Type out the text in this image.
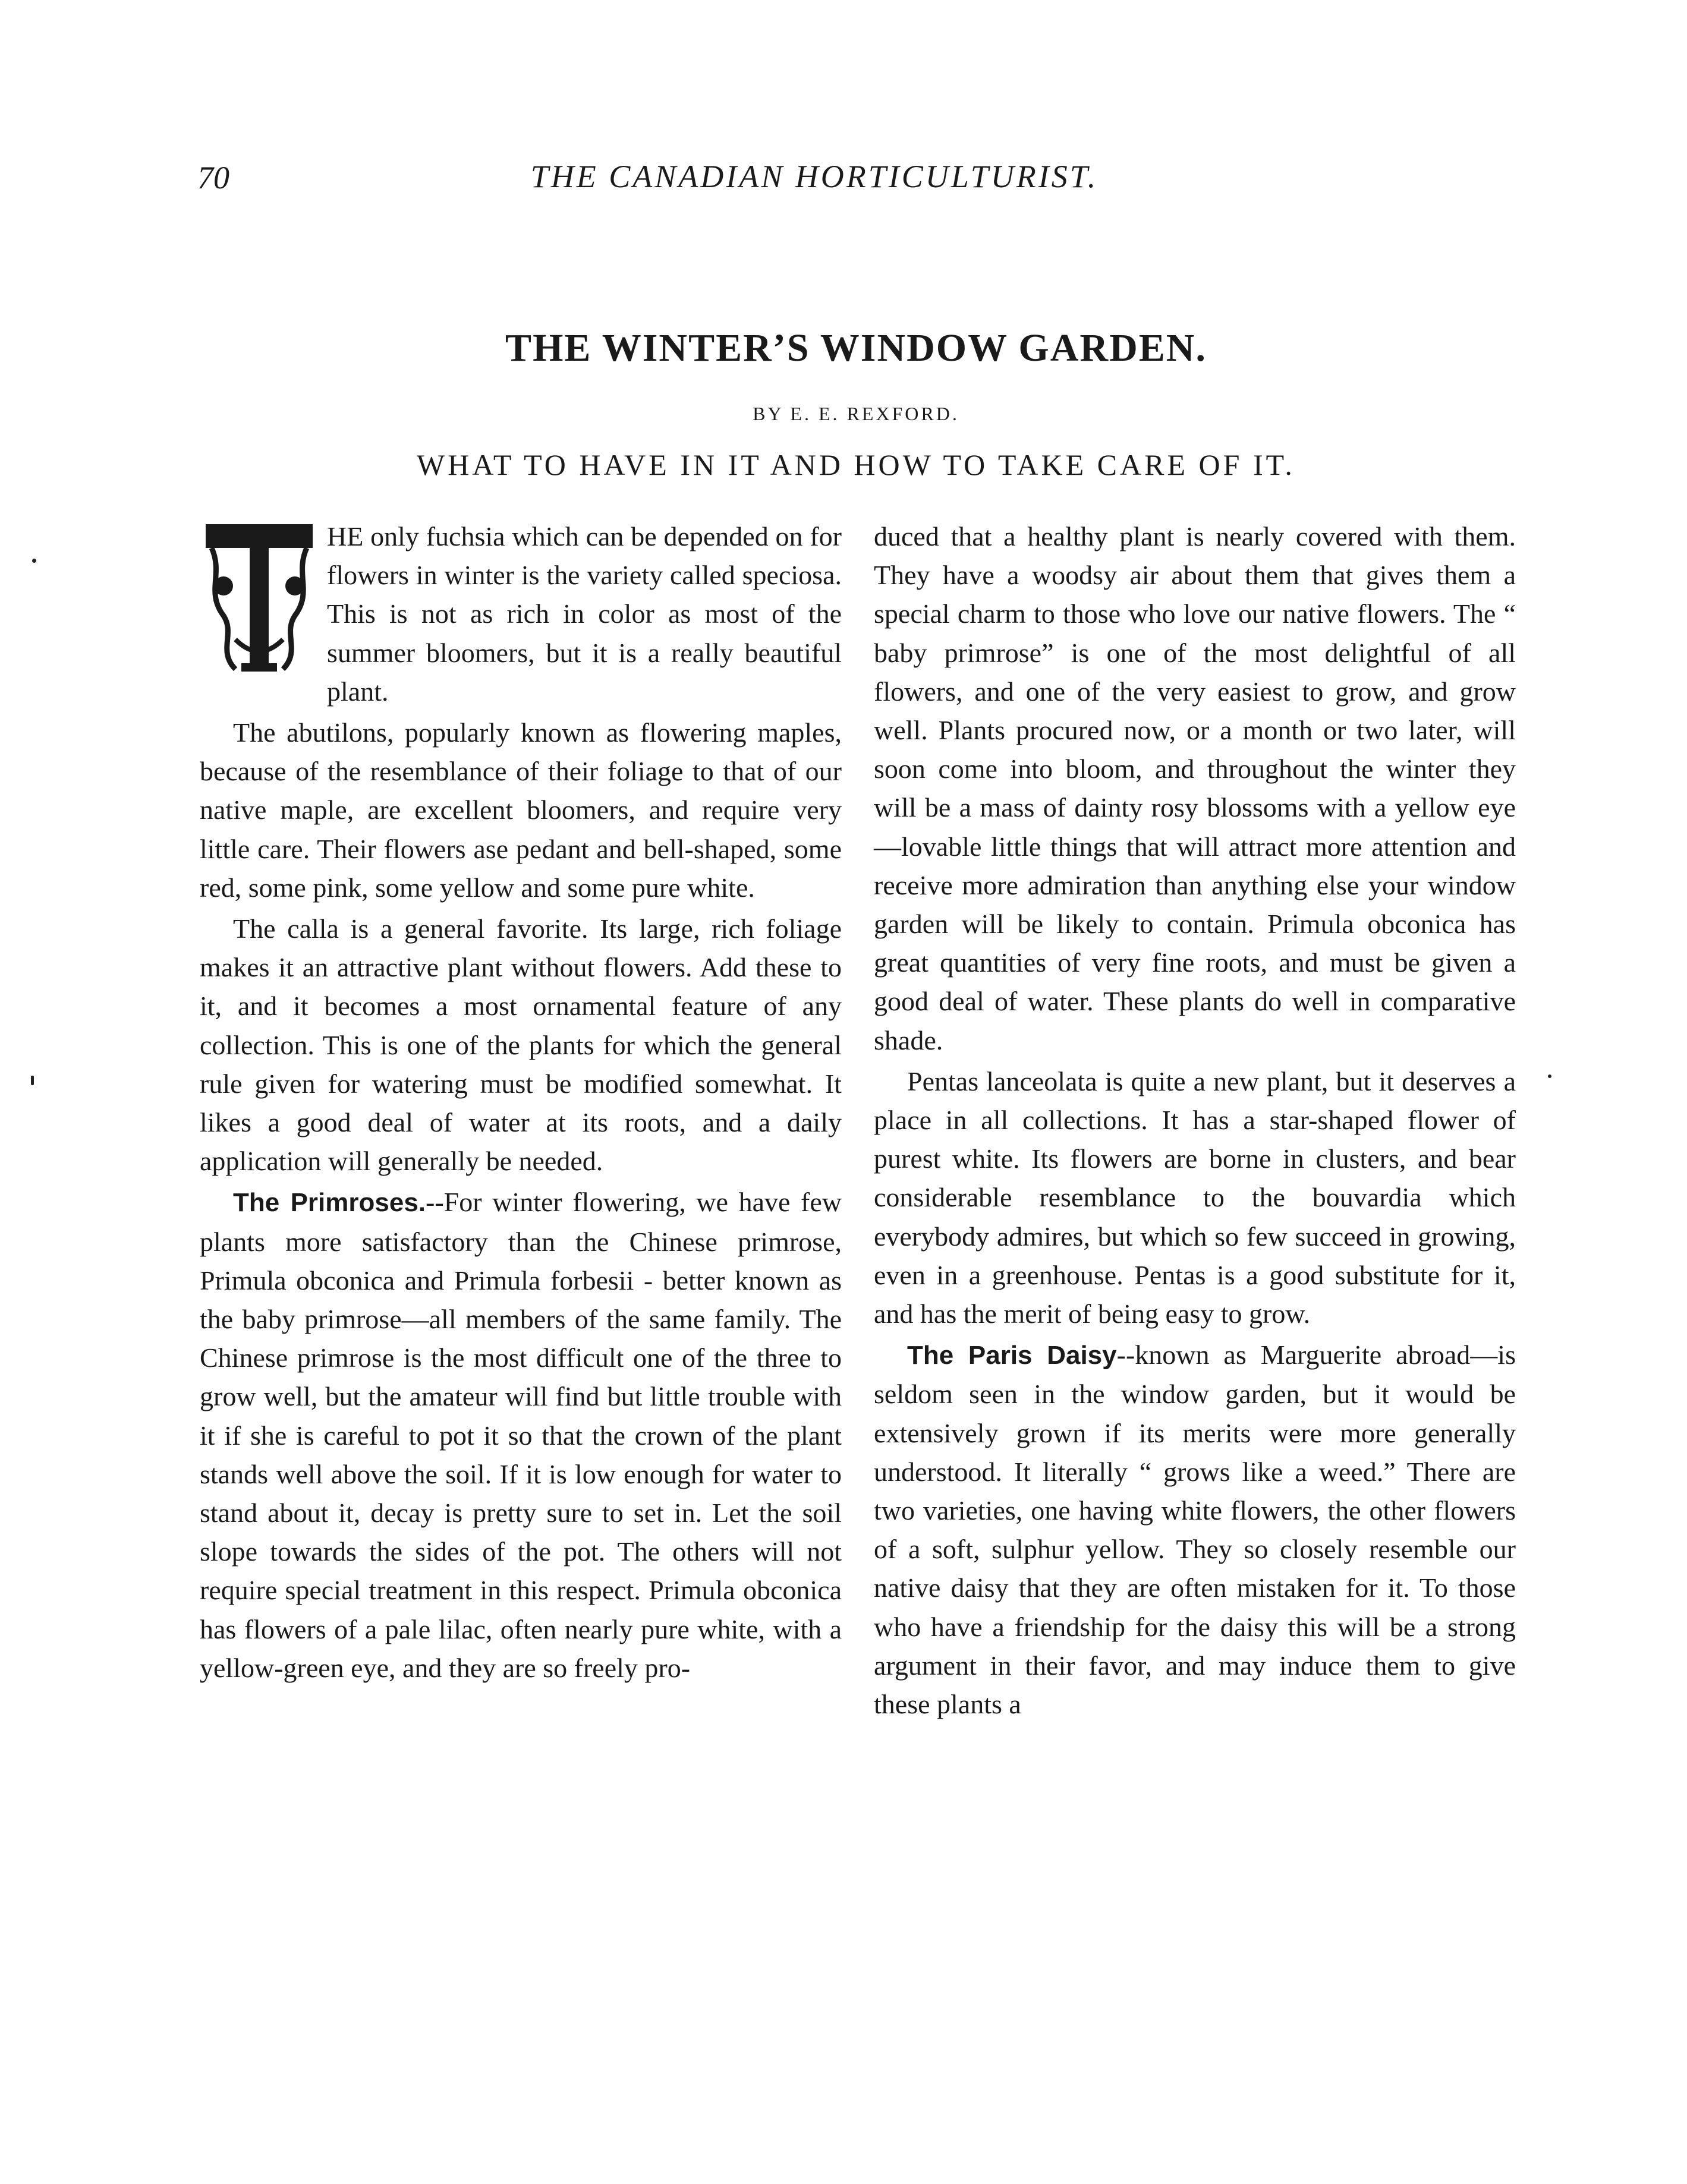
70	THE CANADIAN HORTICULTURIST.
THE WINTER’S WINDOW GARDEN.
BY E. E. REXFORD.
WHAT TO HAVE IN IT AND HOW TO TAKE CARE OF IT.

HE only fuchsia which can be depended on for flowers in winter is the variety called speciosa. This is not as rich in color as most of the summer bloomers, but it is a really beautiful plant.

The abutilons, popularly known as flowering maples, because of the resemblance of their foliage to that of our native maple, are excellent bloomers, and require very little care. Their flowers ase pedant and bell-shaped, some red, some pink, some yellow and some pure white.

The calla is a general favorite. Its large, rich foliage makes it an attractive plant without flowers. Add these to it, and it becomes a most ornamental feature of any collection. This is one of the plants for which the general rule given for watering must be modified somewhat. It likes a good deal of water at its roots, and a daily application will generally be needed.

The Primroses.--For winter flowering, we have few plants more satisfactory than the Chinese primrose, Primula obconica and Primula forbesii - better known as the baby primrose—all members of the same family. The Chinese primrose is the most difficult one of the three to grow well, but the amateur will find but little trouble with it if she is careful to pot it so that the crown of the plant stands well above the soil. If it is low enough for water to stand about it, decay is pretty sure to set in. Let the soil slope towards the sides of the pot. The others will not require special treatment in this respect. Primula obconica has flowers of a pale lilac, often nearly pure white, with a yellow-green eye, and they are so freely pro-

duced that a healthy plant is nearly covered with them. They have a woodsy air about them that gives them a special charm to those who love our native flowers. The “ baby primrose” is one of the most delightful of all flowers, and one of the very easiest to grow, and grow well. Plants procured now, or a month or two later, will soon come into bloom, and throughout the winter they will be a mass of dainty rosy blossoms with a yellow eye—lovable little things that will attract more attention and receive more admiration than anything else your window garden will be likely to contain. Primula obconica has great quantities of very fine roots, and must be given a good deal of water. These plants do well in comparative shade.

Pentas lanceolata is quite a new plant, but it deserves a place in all collections. It has a star-shaped flower of purest white. Its flowers are borne in clusters, and bear considerable resemblance to the bouvardia which everybody admires, but which so few succeed in growing, even in a greenhouse. Pentas is a good substitute for it, and has the merit of being easy to grow.

The Paris Daisy--known as Marguerite abroad—is seldom seen in the window garden, but it would be extensively grown if its merits were more generally understood. It literally “ grows like a weed.” There are two varieties, one having white flowers, the other flowers of a soft, sulphur yellow. They so closely resemble our native daisy that they are often mistaken for it. To those who have a friendship for the daisy this will be a strong argument in their favor, and may induce them to give these plants a
